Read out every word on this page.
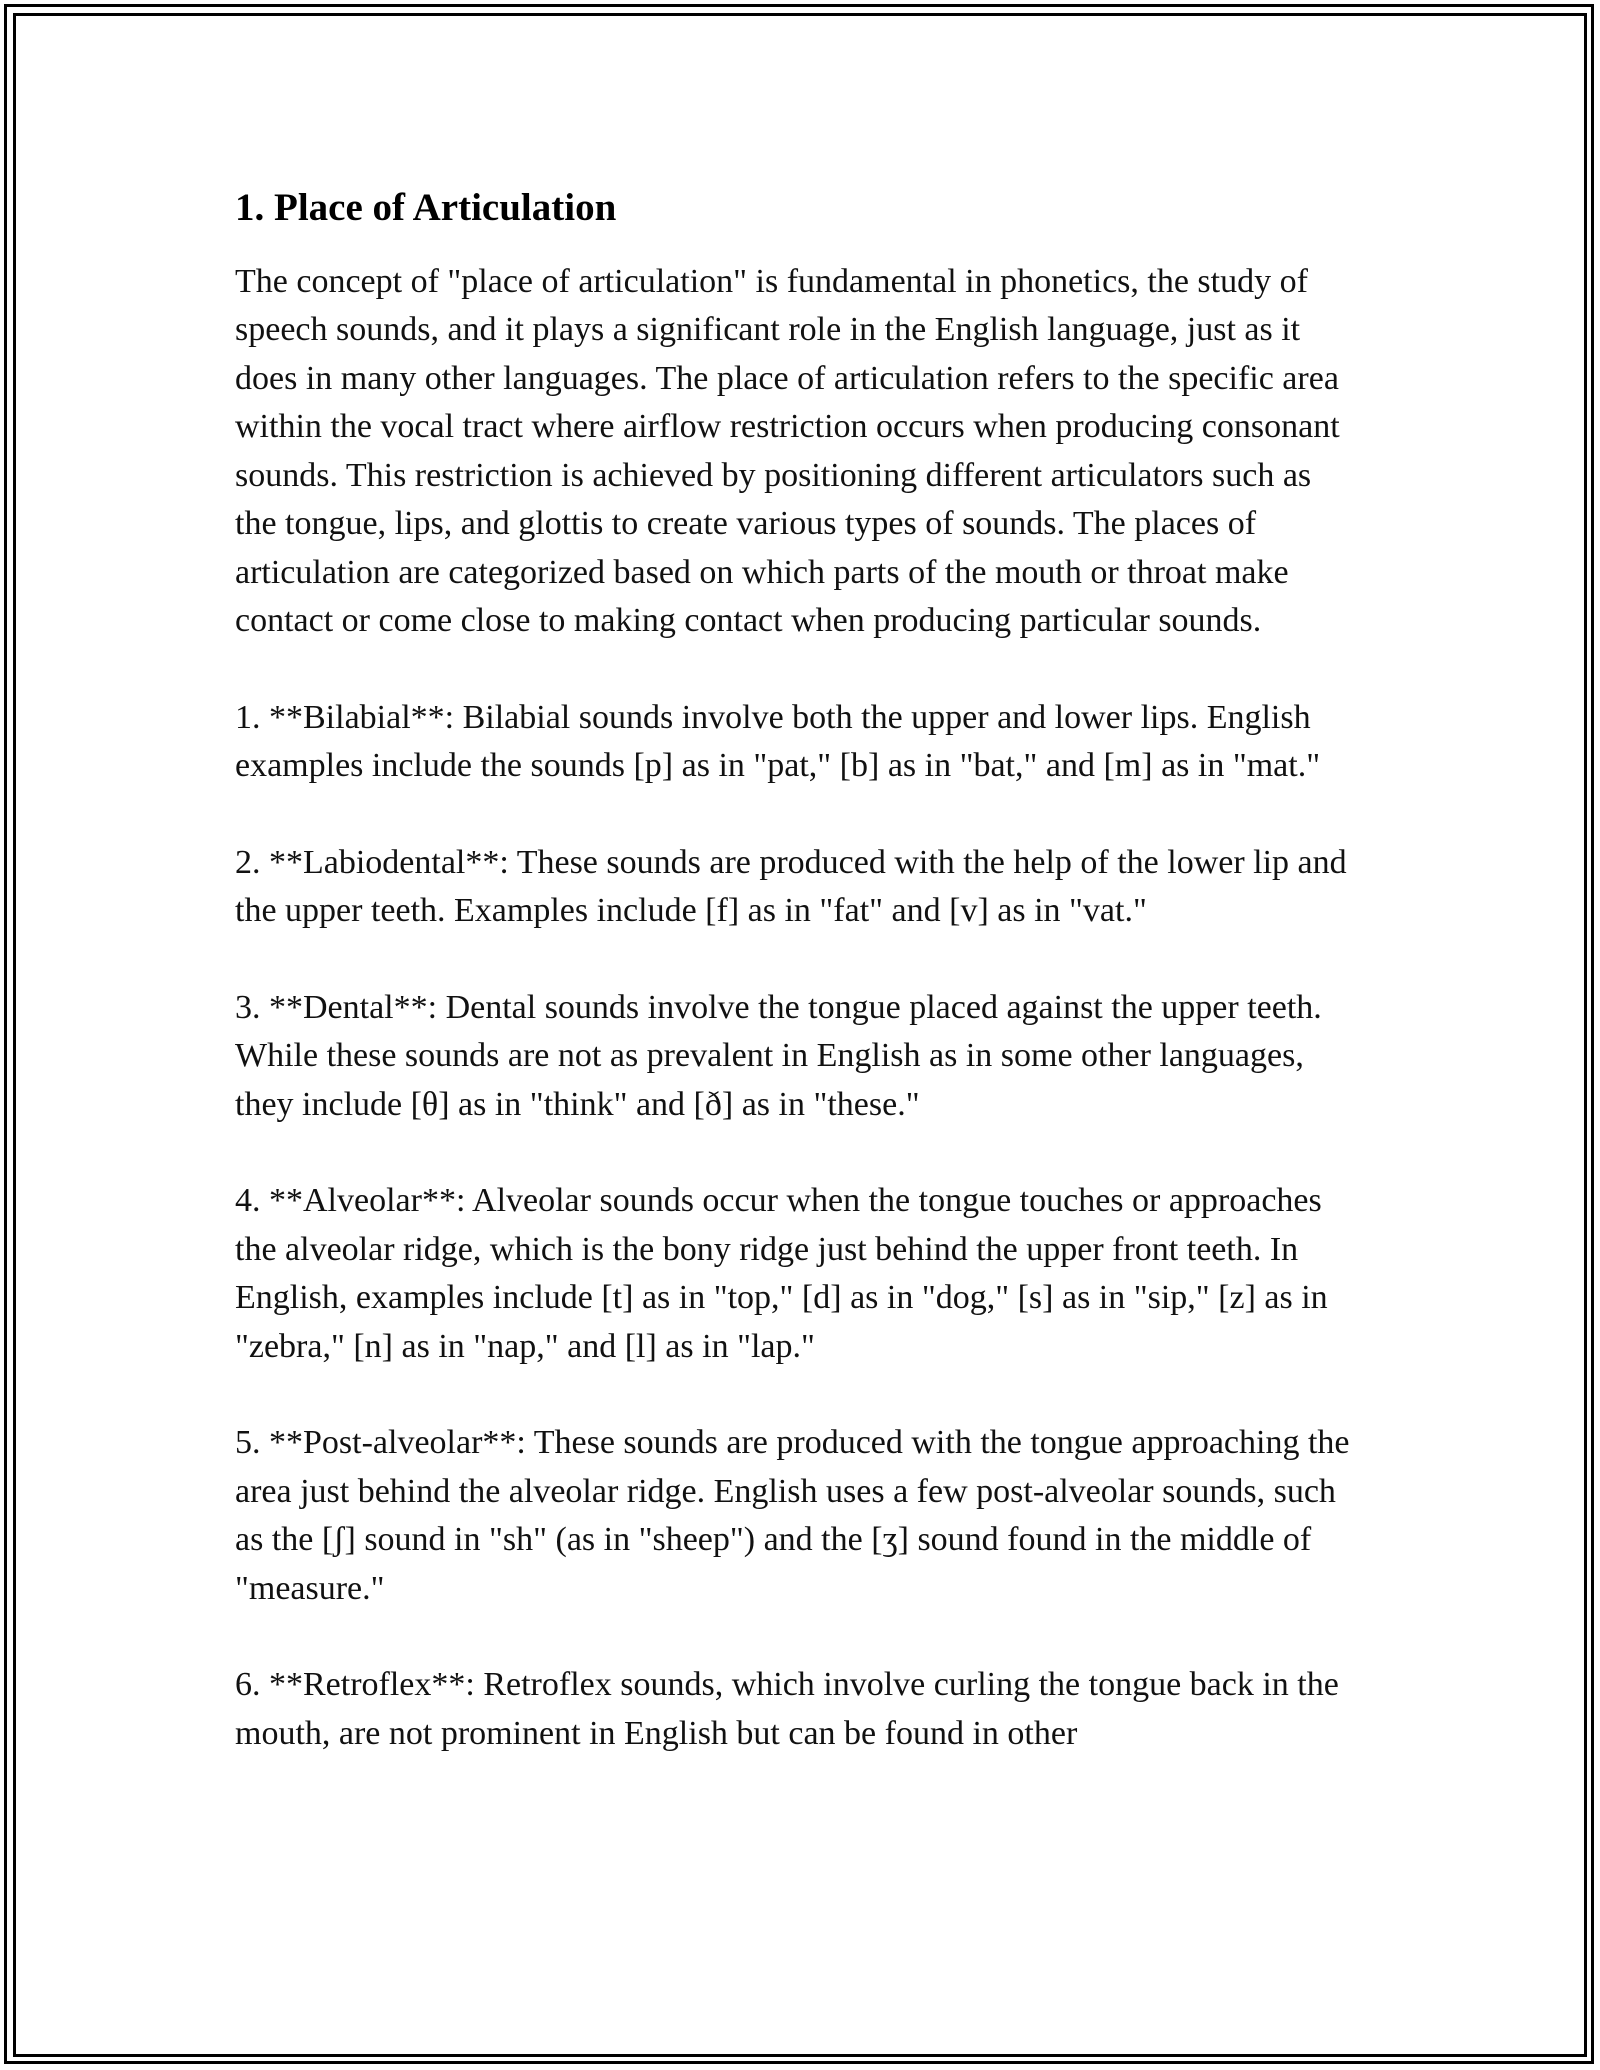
1. Place of Articulation

The concept of "place of articulation" is fundamental in phonetics, the study of speech sounds, and it plays a significant role in the English language, just as it does in many other languages. The place of articulation refers to the specific area within the vocal tract where airflow restriction occurs when producing consonant sounds. This restriction is achieved by positioning different articulators such as the tongue, lips, and glottis to create various types of sounds. The places of articulation are categorized based on which parts of the mouth or throat make contact or come close to making contact when producing particular sounds.

1. **Bilabial**: Bilabial sounds involve both the upper and lower lips. English examples include the sounds [p] as in "pat," [b] as in "bat," and [m] as in "mat."

2. **Labiodental**: These sounds are produced with the help of the lower lip and the upper teeth. Examples include [f] as in "fat" and [v] as in "vat."

3. **Dental**: Dental sounds involve the tongue placed against the upper teeth. While these sounds are not as prevalent in English as in some other languages, they include [θ] as in "think" and [ð] as in "these."

4. **Alveolar**: Alveolar sounds occur when the tongue touches or approaches the alveolar ridge, which is the bony ridge just behind the upper front teeth. In English, examples include [t] as in "top," [d] as in "dog," [s] as in "sip," [z] as in "zebra," [n] as in "nap," and [l] as in "lap."

5. **Post-alveolar**: These sounds are produced with the tongue approaching the area just behind the alveolar ridge. English uses a few post-alveolar sounds, such as the [ʃ] sound in "sh" (as in "sheep") and the [ʒ] sound found in the middle of "measure."

6. **Retroflex**: Retroflex sounds, which involve curling the tongue back in the mouth, are not prominent in English but can be found in other
